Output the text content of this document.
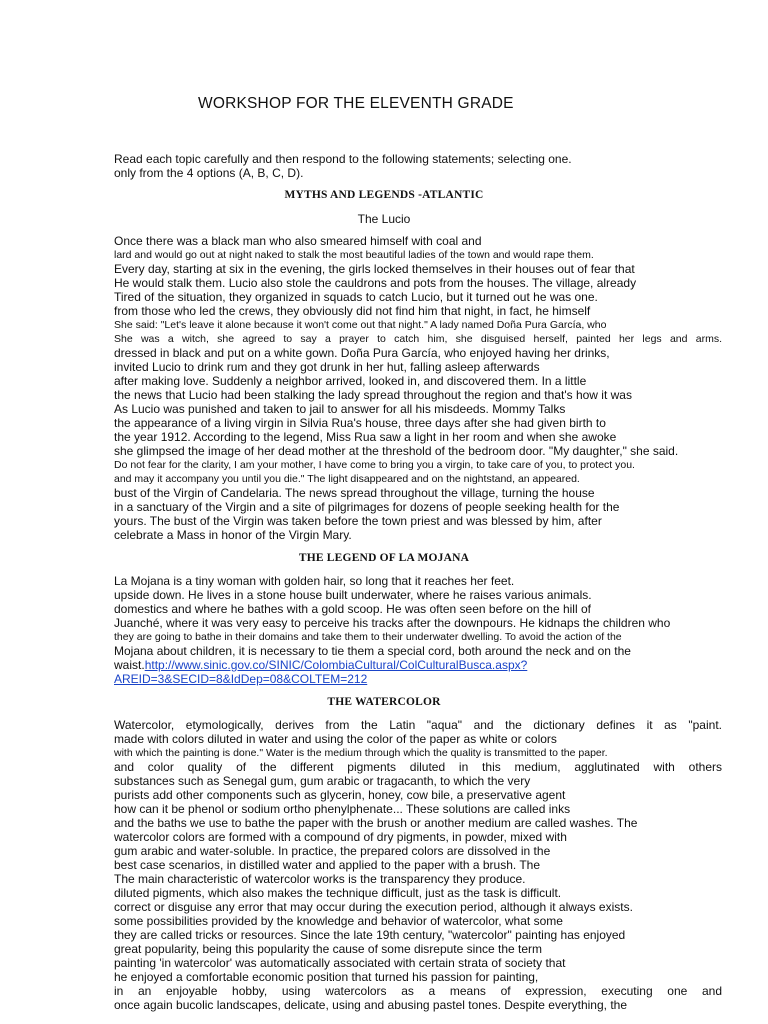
WORKSHOP FOR THE ELEVENTH GRADE
Read each topic carefully and then respond to the following statements; selecting one.
only from the 4 options (A, B, C, D).
MYTHS AND LEGENDS -ATLANTIC
The Lucio
Once there was a black man who also smeared himself with coal and
lard and would go out at night naked to stalk the most beautiful ladies of the town and would rape them.
Every day, starting at six in the evening, the girls locked themselves in their houses out of fear that
He would stalk them. Lucio also stole the cauldrons and pots from the houses. The village, already
Tired of the situation, they organized in squads to catch Lucio, but it turned out he was one.
from those who led the crews, they obviously did not find him that night, in fact, he himself
She said: "Let's leave it alone because it won't come out that night." A lady named Doña Pura García, who
She was a witch, she agreed to say a prayer to catch him, she disguised herself, painted her legs and arms.
dressed in black and put on a white gown. Doña Pura García, who enjoyed having her drinks,
invited Lucio to drink rum and they got drunk in her hut, falling asleep afterwards
after making love. Suddenly a neighbor arrived, looked in, and discovered them. In a little
the news that Lucio had been stalking the lady spread throughout the region and that's how it was
As Lucio was punished and taken to jail to answer for all his misdeeds. Mommy Talks
the appearance of a living virgin in Silvia Rua's house, three days after she had given birth to
the year 1912. According to the legend, Miss Rua saw a light in her room and when she awoke
she glimpsed the image of her dead mother at the threshold of the bedroom door. "My daughter," she said.
Do not fear for the clarity, I am your mother, I have come to bring you a virgin, to take care of you, to protect you.
and may it accompany you until you die." The light disappeared and on the nightstand, an appeared.
bust of the Virgin of Candelaria. The news spread throughout the village, turning the house
in a sanctuary of the Virgin and a site of pilgrimages for dozens of people seeking health for the
yours. The bust of the Virgin was taken before the town priest and was blessed by him, after
celebrate a Mass in honor of the Virgin Mary.
THE LEGEND OF LA MOJANA
La Mojana is a tiny woman with golden hair, so long that it reaches her feet.
upside down. He lives in a stone house built underwater, where he raises various animals.
domestics and where he bathes with a gold scoop. He was often seen before on the hill of
Juanché, where it was very easy to perceive his tracks after the downpours. He kidnaps the children who
they are going to bathe in their domains and take them to their underwater dwelling. To avoid the action of the
Mojana about children, it is necessary to tie them a special cord, both around the neck and on the
waist.http://www.sinic.gov.co/SINIC/ColombiaCultural/ColCulturalBusca.aspx?
AREID=3&SECID=8&IdDep=08&COLTEM=212
THE WATERCOLOR
Watercolor, etymologically, derives from the Latin "aqua" and the dictionary defines it as "paint.
made with colors diluted in water and using the color of the paper as white or colors
with which the painting is done." Water is the medium through which the quality is transmitted to the paper.
and color quality of the different pigments diluted in this medium, agglutinated with others
substances such as Senegal gum, gum arabic or tragacanth, to which the very
purists add other components such as glycerin, honey, cow bile, a preservative agent
how can it be phenol or sodium ortho phenylphenate... These solutions are called inks
and the baths we use to bathe the paper with the brush or another medium are called washes. The
watercolor colors are formed with a compound of dry pigments, in powder, mixed with
gum arabic and water-soluble. In practice, the prepared colors are dissolved in the
best case scenarios, in distilled water and applied to the paper with a brush. The
The main characteristic of watercolor works is the transparency they produce.
diluted pigments, which also makes the technique difficult, just as the task is difficult.
correct or disguise any error that may occur during the execution period, although it always exists.
some possibilities provided by the knowledge and behavior of watercolor, what some
they are called tricks or resources. Since the late 19th century, "watercolor" painting has enjoyed
great popularity, being this popularity the cause of some disrepute since the term
painting 'in watercolor' was automatically associated with certain strata of society that
he enjoyed a comfortable economic position that turned his passion for painting,
in an enjoyable hobby, using watercolors as a means of expression, executing one and
once again bucolic landscapes, delicate, using and abusing pastel tones. Despite everything, the
